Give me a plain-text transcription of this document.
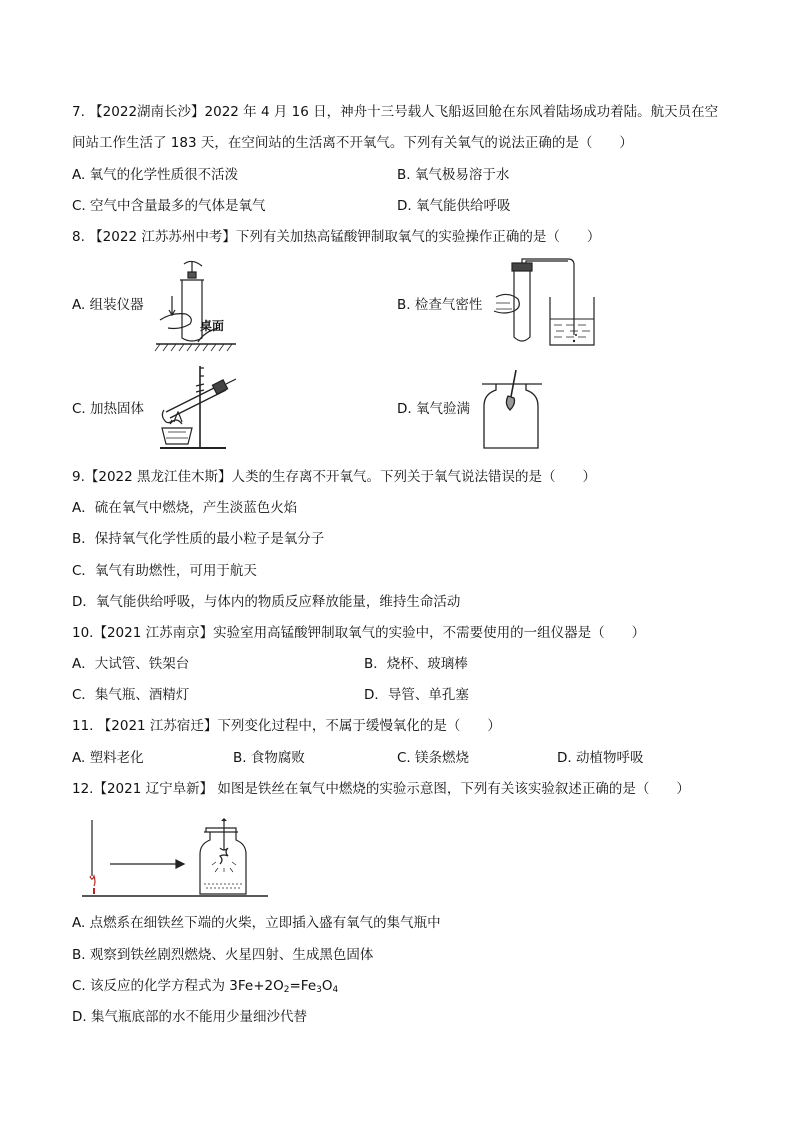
7. 【2022湖南长沙】2022 年 4 月 16 日，神舟十三号载人飞船返回舱在东风着陆场成功着陆。航天员在空
间站工作生活了 183 天，在空间站的生活离不开氧气。下列有关氧气的说法正确的是（　　）
A. 氧气的化学性质很不活泼	B. 氧气极易溶于水
C. 空气中含量最多的气体是氧气	D. 氧气能供给呼吸
8. 【2022 江苏苏州中考】下列有关加热高锰酸钾制取氧气的实验操作正确的是（　　）
A. 组装仪器	B. 检查气密性
C. 加热固体	D. 氧气验满
桌面
9.【2022 黑龙江佳木斯】人类的生存离不开氧气。下列关于氧气说法错误的是（　　）
A．硫在氧气中燃烧，产生淡蓝色火焰
B．保持氧气化学性质的最小粒子是氧分子
C．氧气有助燃性，可用于航天
D．氧气能供给呼吸，与体内的物质反应释放能量，维持生命活动
10.【2021 江苏南京】实验室用高锰酸钾制取氧气的实验中，不需要使用的一组仪器是（　　）
A．大试管、铁架台	B．烧杯、玻璃棒
C．集气瓶、酒精灯	D．导管、单孔塞
11. 【2021 江苏宿迁】下列变化过程中，不属于缓慢氧化的是（　　）
A. 塑料老化	B. 食物腐败	C. 镁条燃烧	D. 动植物呼吸
12.【2021 辽宁阜新】 如图是铁丝在氧气中燃烧的实验示意图，下列有关该实验叙述正确的是（　　）
A. 点燃系在细铁丝下端的火柴，立即插入盛有氧气的集气瓶中
B. 观察到铁丝剧烈燃烧、火星四射、生成黑色固体
C. 该反应的化学方程式为 $3Fe+2O_2=Fe_3O_4$
D. 集气瓶底部的水不能用少量细沙代替
